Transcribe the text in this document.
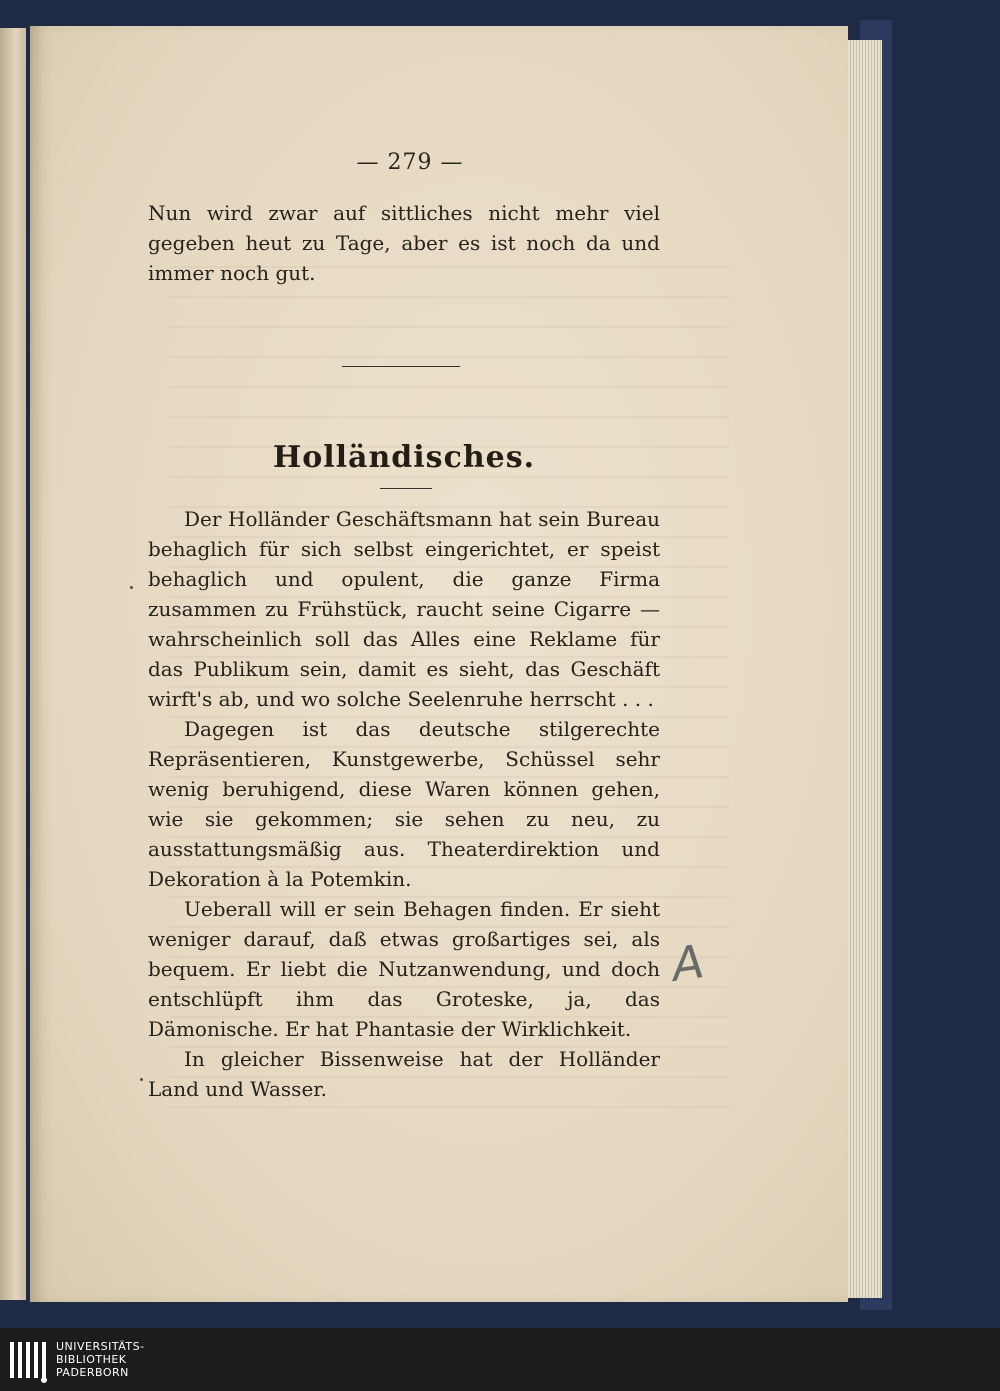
— 279 —

Nun wird zwar auf sittliches nicht mehr viel gegeben heut zu Tage, aber es ist noch da und immer noch gut.

Holländisches.

Der Holländer Geschäftsmann hat sein Bureau behaglich für sich selbst eingerichtet, er speist behaglich und opulent, die ganze Firma zusammen zu Frühstück, raucht seine Cigarre — wahrscheinlich soll das Alles eine Reklame für das Publikum sein, damit es sieht, das Geschäft wirft's ab, und wo solche Seelenruhe herrscht . . .

Dagegen ist das deutsche stilgerechte Repräsentieren, Kunstgewerbe, Schüssel sehr wenig beruhigend, diese Waren können gehen, wie sie gekommen; sie sehen zu neu, zu ausstattungsmäßig aus. Theaterdirektion und Dekoration à la Potemkin.

Ueberall will er sein Behagen finden. Er sieht weniger darauf, daß etwas großartiges sei, als bequem. Er liebt die Nutzanwendung, und doch entschlüpft ihm das Groteske, ja, das Dämonische. Er hat Phantasie der Wirklichkeit.

In gleicher Bissenweise hat der Holländer Land und Wasser.

A
UNIVERSITÄTS-
BIBLIOTHEK
PADERBORN
